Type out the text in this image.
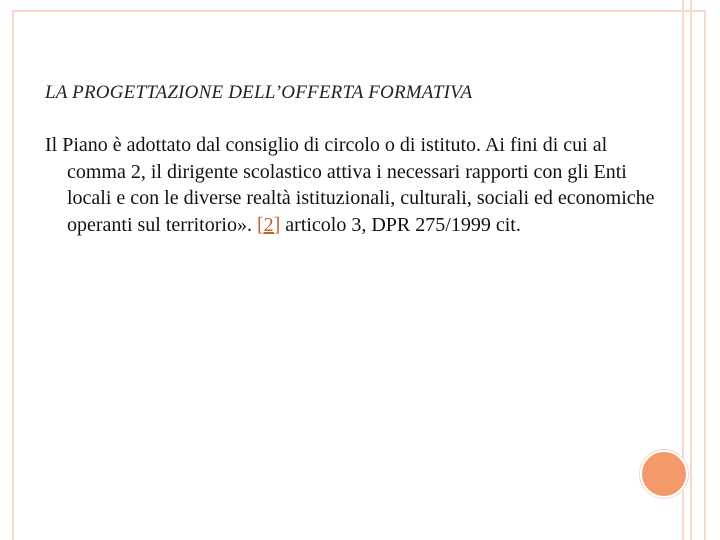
LA PROGETTAZIONE DELL’OFFERTA FORMATIVA
Il Piano è adottato dal consiglio di circolo o di istituto. Ai fini di cui al comma 2, il dirigente scolastico attiva i necessari rapporti con gli Enti locali e con le diverse realtà istituzionali, culturali, sociali ed economiche operanti sul territorio». [2] articolo 3, DPR 275/1999 cit.
